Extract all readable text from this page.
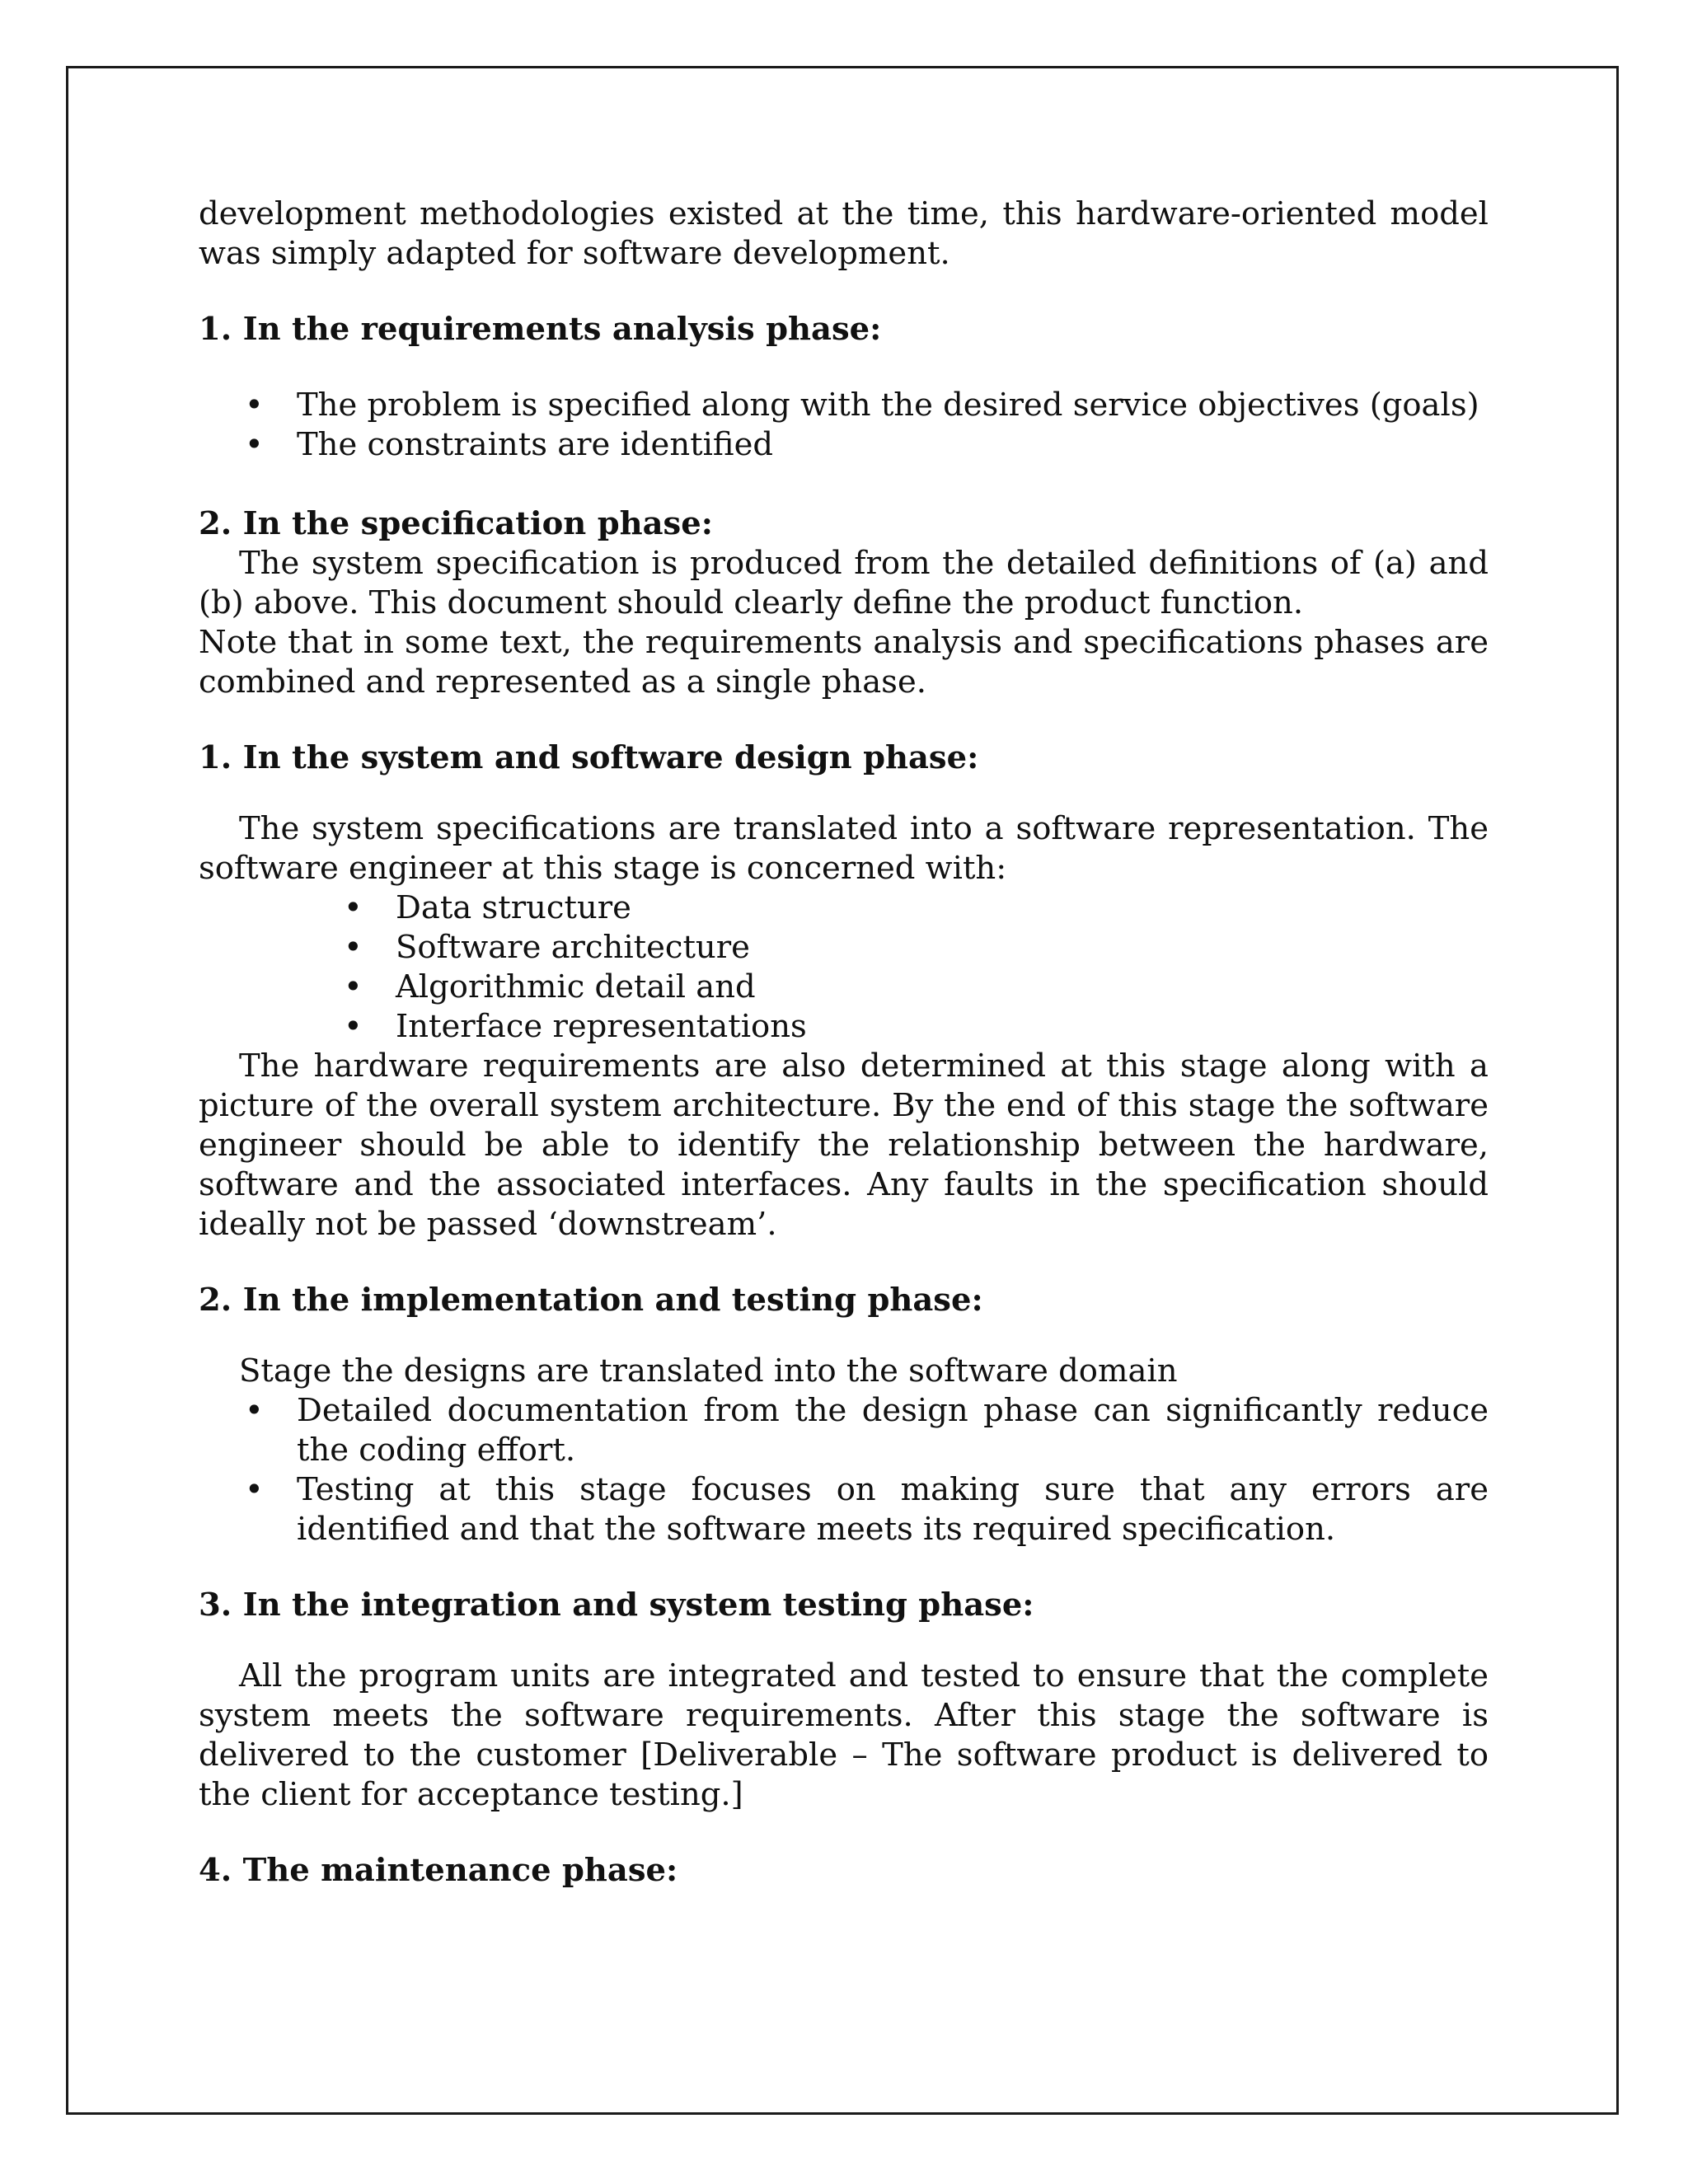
development methodologies existed at the time, this hardware-oriented model was simply adapted for software development.

1. In the requirements analysis phase:
• The problem is specified along with the desired service objectives (goals)
• The constraints are identified
2. In the specification phase:

The system specification is produced from the detailed definitions of (a) and (b) above. This document should clearly define the product function.

Note that in some text, the requirements analysis and specifications phases are combined and represented as a single phase.

1. In the system and software design phase:

The system specifications are translated into a software representation. The software engineer at this stage is concerned with:

• Data structure
• Software architecture
• Algorithmic detail and
• Interface representations

The hardware requirements are also determined at this stage along with a picture of the overall system architecture. By the end of this stage the software engineer should be able to identify the relationship between the hardware, software and the associated interfaces. Any faults in the specification should ideally not be passed ‘downstream’.

2. In the implementation and testing phase:

Stage the designs are translated into the software domain

• Detailed documentation from the design phase can significantly reduce the coding effort.
• Testing at this stage focuses on making sure that any errors are identified and that the software meets its required specification.
3. In the integration and system testing phase:

All the program units are integrated and tested to ensure that the complete system meets the software requirements. After this stage the software is delivered to the customer [Deliverable – The software product is delivered to the client for acceptance testing.]

4. The maintenance phase:
